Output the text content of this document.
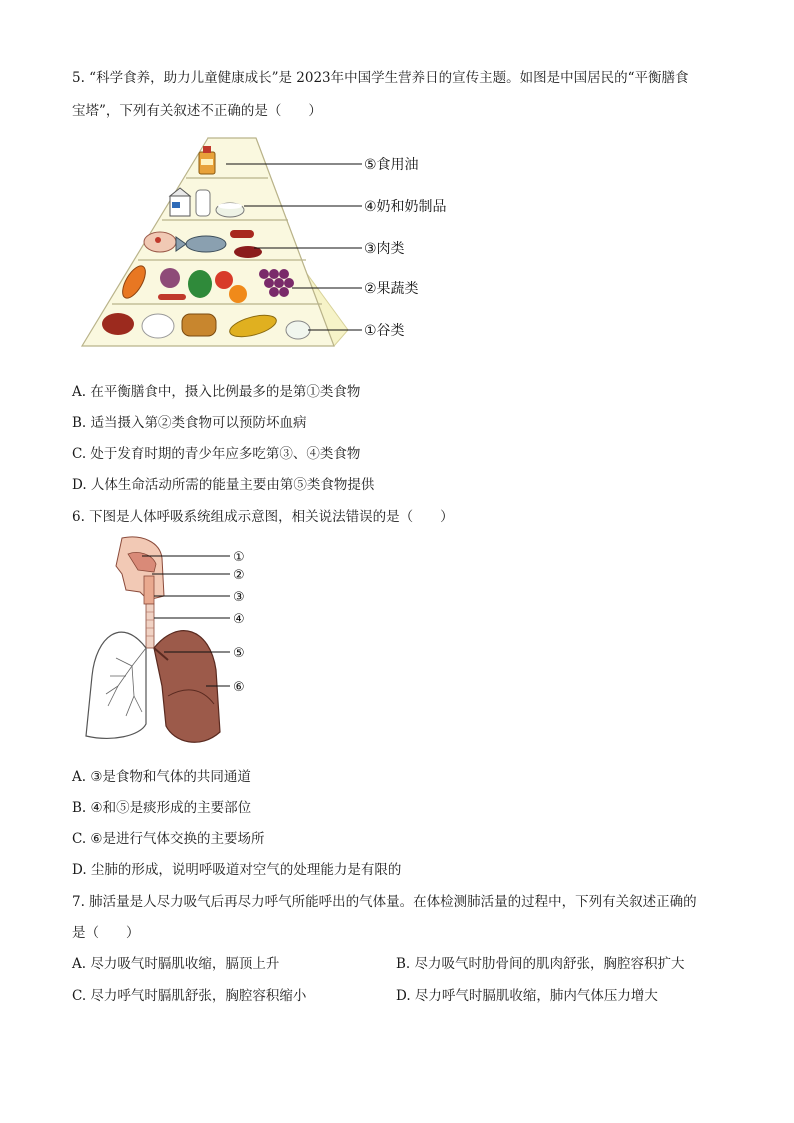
5. “科学食养，助力儿童健康成长”是 2023年中国学生营养日的宣传主题。如图是中国居民的“平衡膳食
宝塔”，下列有关叙述不正确的是（　　）
⑤食用油
④奶和奶制品
③肉类
②果蔬类
①谷类
A. 在平衡膳食中，摄入比例最多的是第①类食物
B. 适当摄入第②类食物可以预防坏血病
C. 处于发育时期的青少年应多吃第③、④类食物
D. 人体生命活动所需的能量主要由第⑤类食物提供
6. 下图是人体呼吸系统组成示意图，相关说法错误的是（　　）
①
②
③
④
⑤
⑥
A. ③是食物和气体的共同通道
B. ④和⑤是痰形成的主要部位
C. ⑥是进行气体交换的主要场所
D. 尘肺的形成，说明呼吸道对空气的处理能力是有限的
7. 肺活量是人尽力吸气后再尽力呼气所能呼出的气体量。在体检测肺活量的过程中，下列有关叙述正确的
是（　　）
A. 尽力吸气时膈肌收缩，膈顶上升	B. 尽力吸气时肋骨间的肌肉舒张，胸腔容积扩大
C. 尽力呼气时膈肌舒张，胸腔容积缩小	D. 尽力呼气时膈肌收缩，肺内气体压力增大
